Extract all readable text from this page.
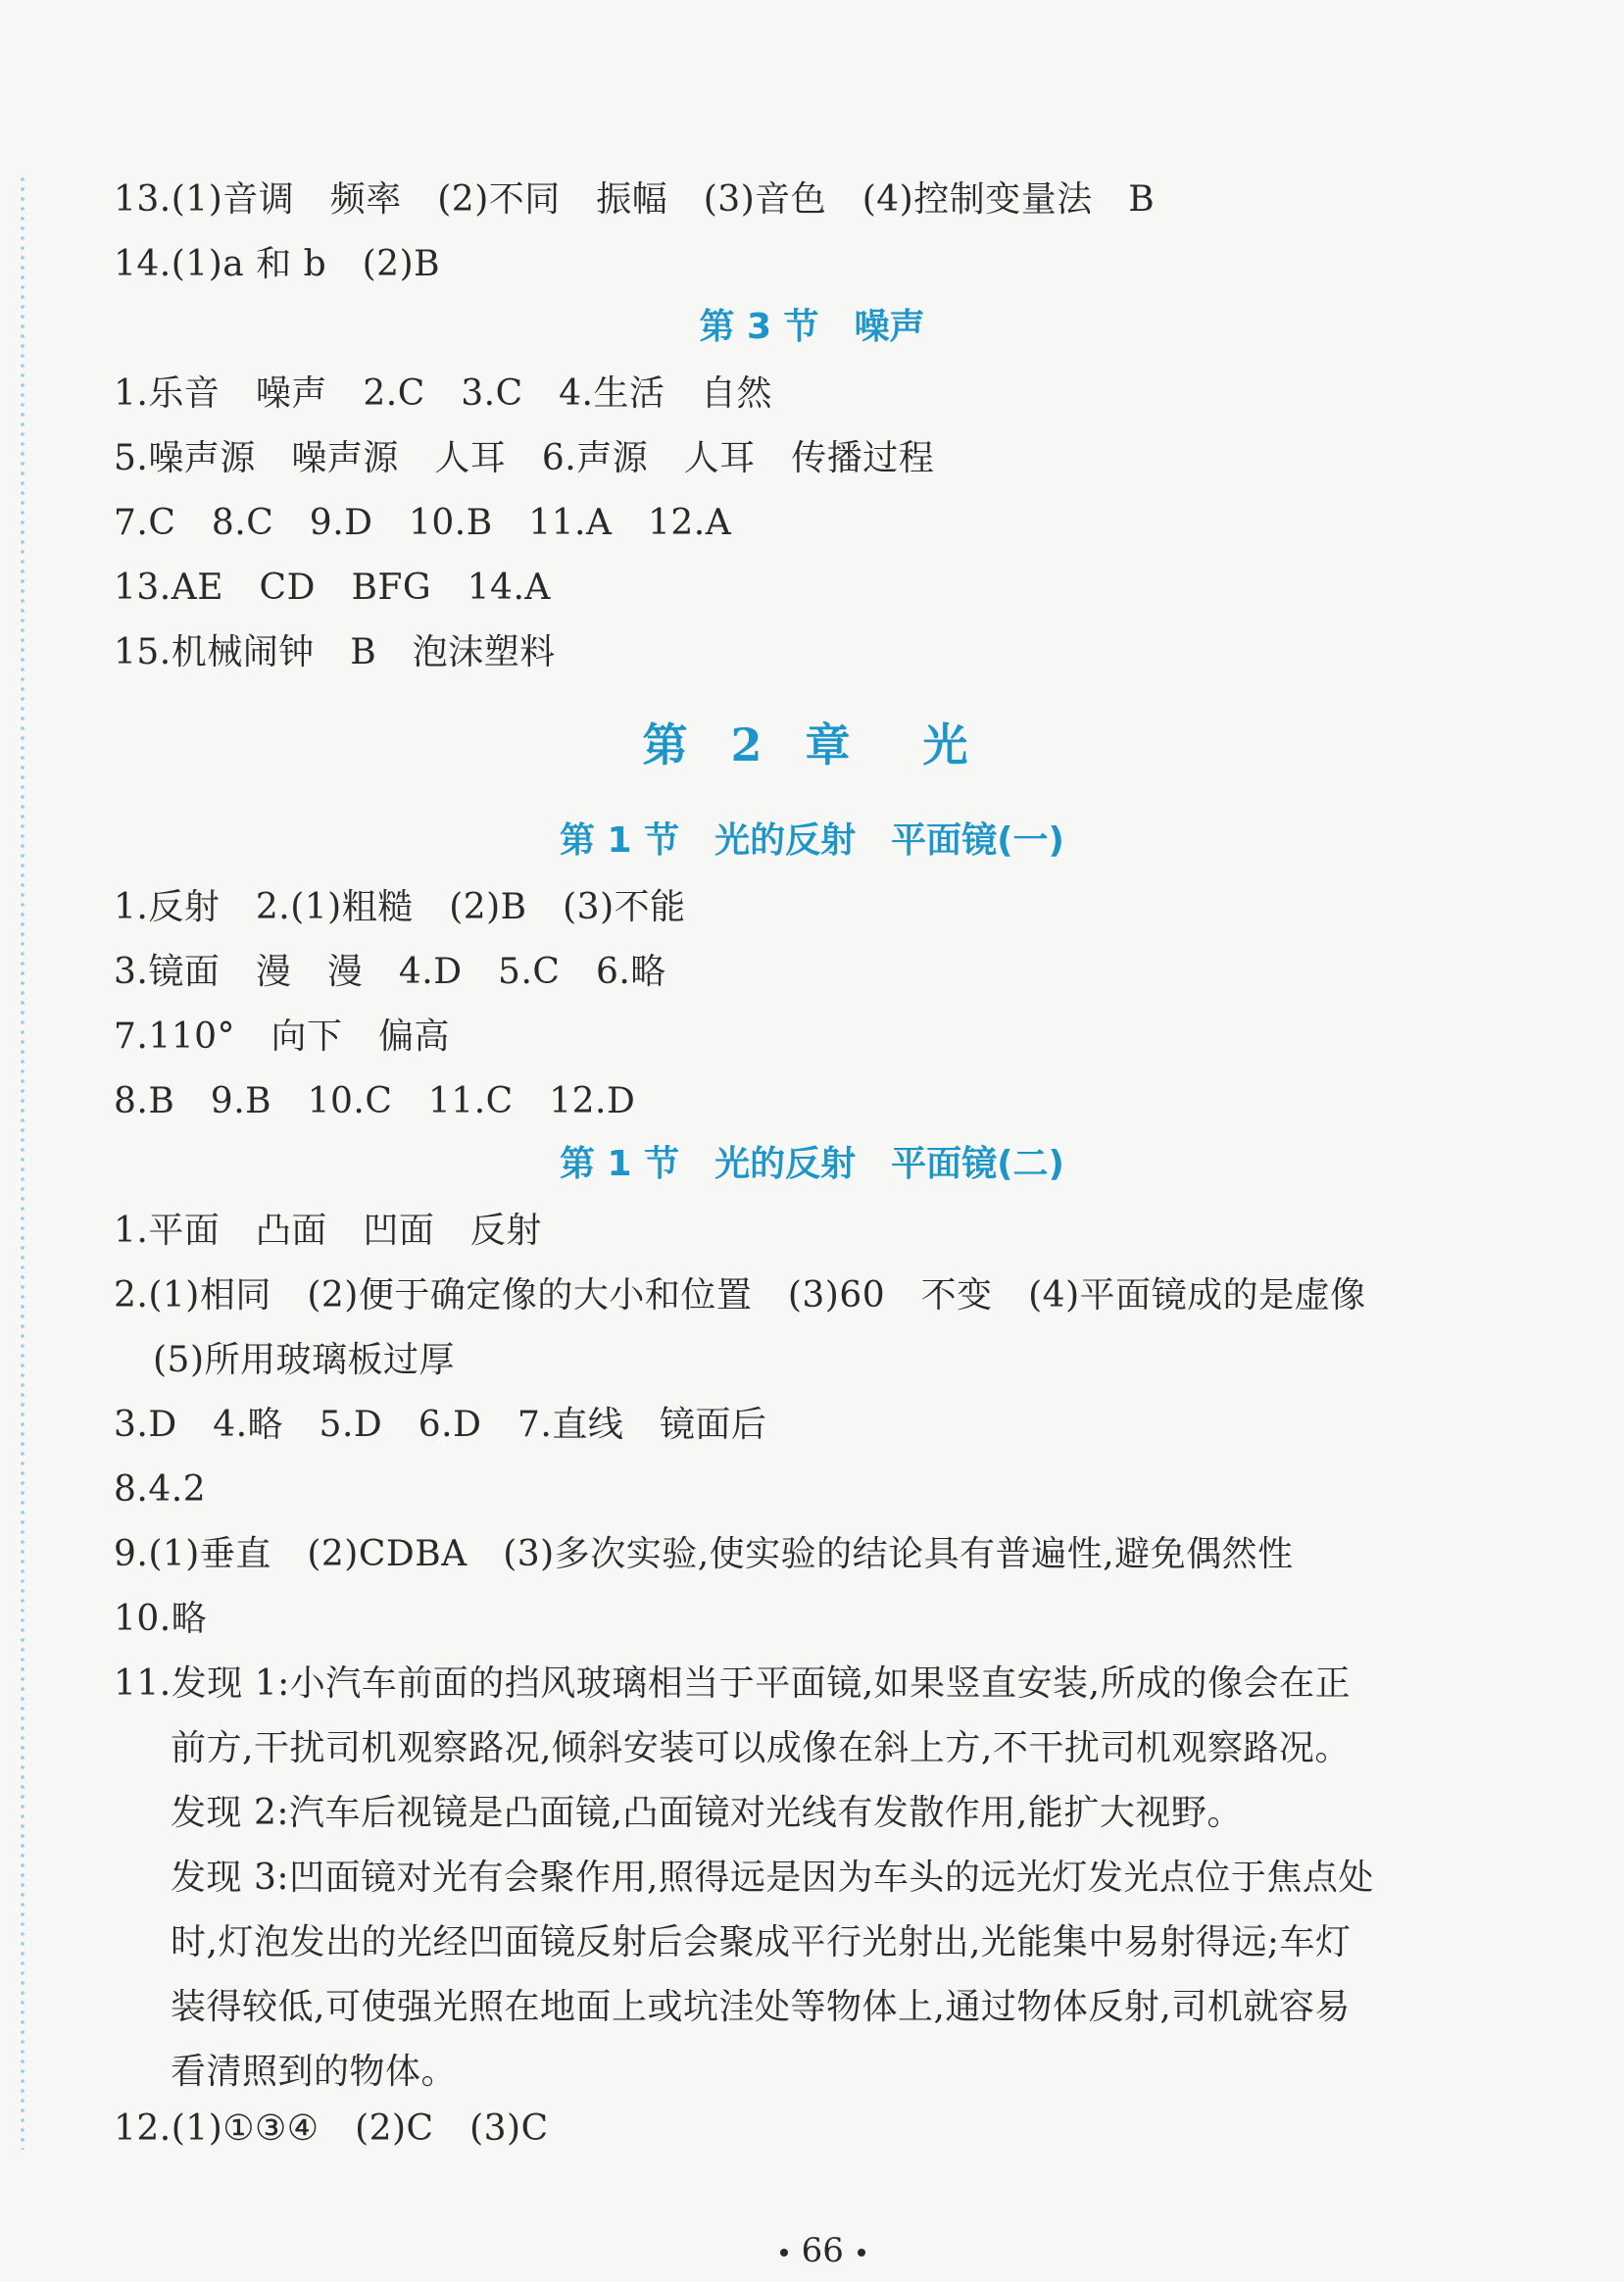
13.(1)音调　频率　(2)不同　振幅　(3)音色　(4)控制变量法　B
14.(1)a 和 b　(2)B
第 3 节　噪声
1.乐音　噪声　2.C　3.C　4.生活　自然
5.噪声源　噪声源　人耳　6.声源　人耳　传播过程
7.C　8.C　9.D　10.B　11.A　12.A
13.AE　CD　BFG　14.A
15.机械闹钟　B　泡沫塑料
第 2 章　光
第 1 节　光的反射　平面镜(一)
1.反射　2.(1)粗糙　(2)B　(3)不能
3.镜面　漫　漫　4.D　5.C　6.略
7.110°　向下　偏高
8.B　9.B　10.C　11.C　12.D
第 1 节　光的反射　平面镜(二)
1.平面　凸面　凹面　反射
2.(1)相同　(2)便于确定像的大小和位置　(3)60　不变　(4)平面镜成的是虚像
(5)所用玻璃板过厚
3.D　4.略　5.D　6.D　7.直线　镜面后
8.4.2
9.(1)垂直　(2)CDBA　(3)多次实验,使实验的结论具有普遍性,避免偶然性
10.略
11.发现 1:小汽车前面的挡风玻璃相当于平面镜,如果竖直安装,所成的像会在正
前方,干扰司机观察路况,倾斜安装可以成像在斜上方,不干扰司机观察路况。
发现 2:汽车后视镜是凸面镜,凸面镜对光线有发散作用,能扩大视野。
发现 3:凹面镜对光有会聚作用,照得远是因为车头的远光灯发光点位于焦点处
时,灯泡发出的光经凹面镜反射后会聚成平行光射出,光能集中易射得远;车灯
装得较低,可使强光照在地面上或坑洼处等物体上,通过物体反射,司机就容易
看清照到的物体。
12.(1)①③④　(2)C　(3)C

66
